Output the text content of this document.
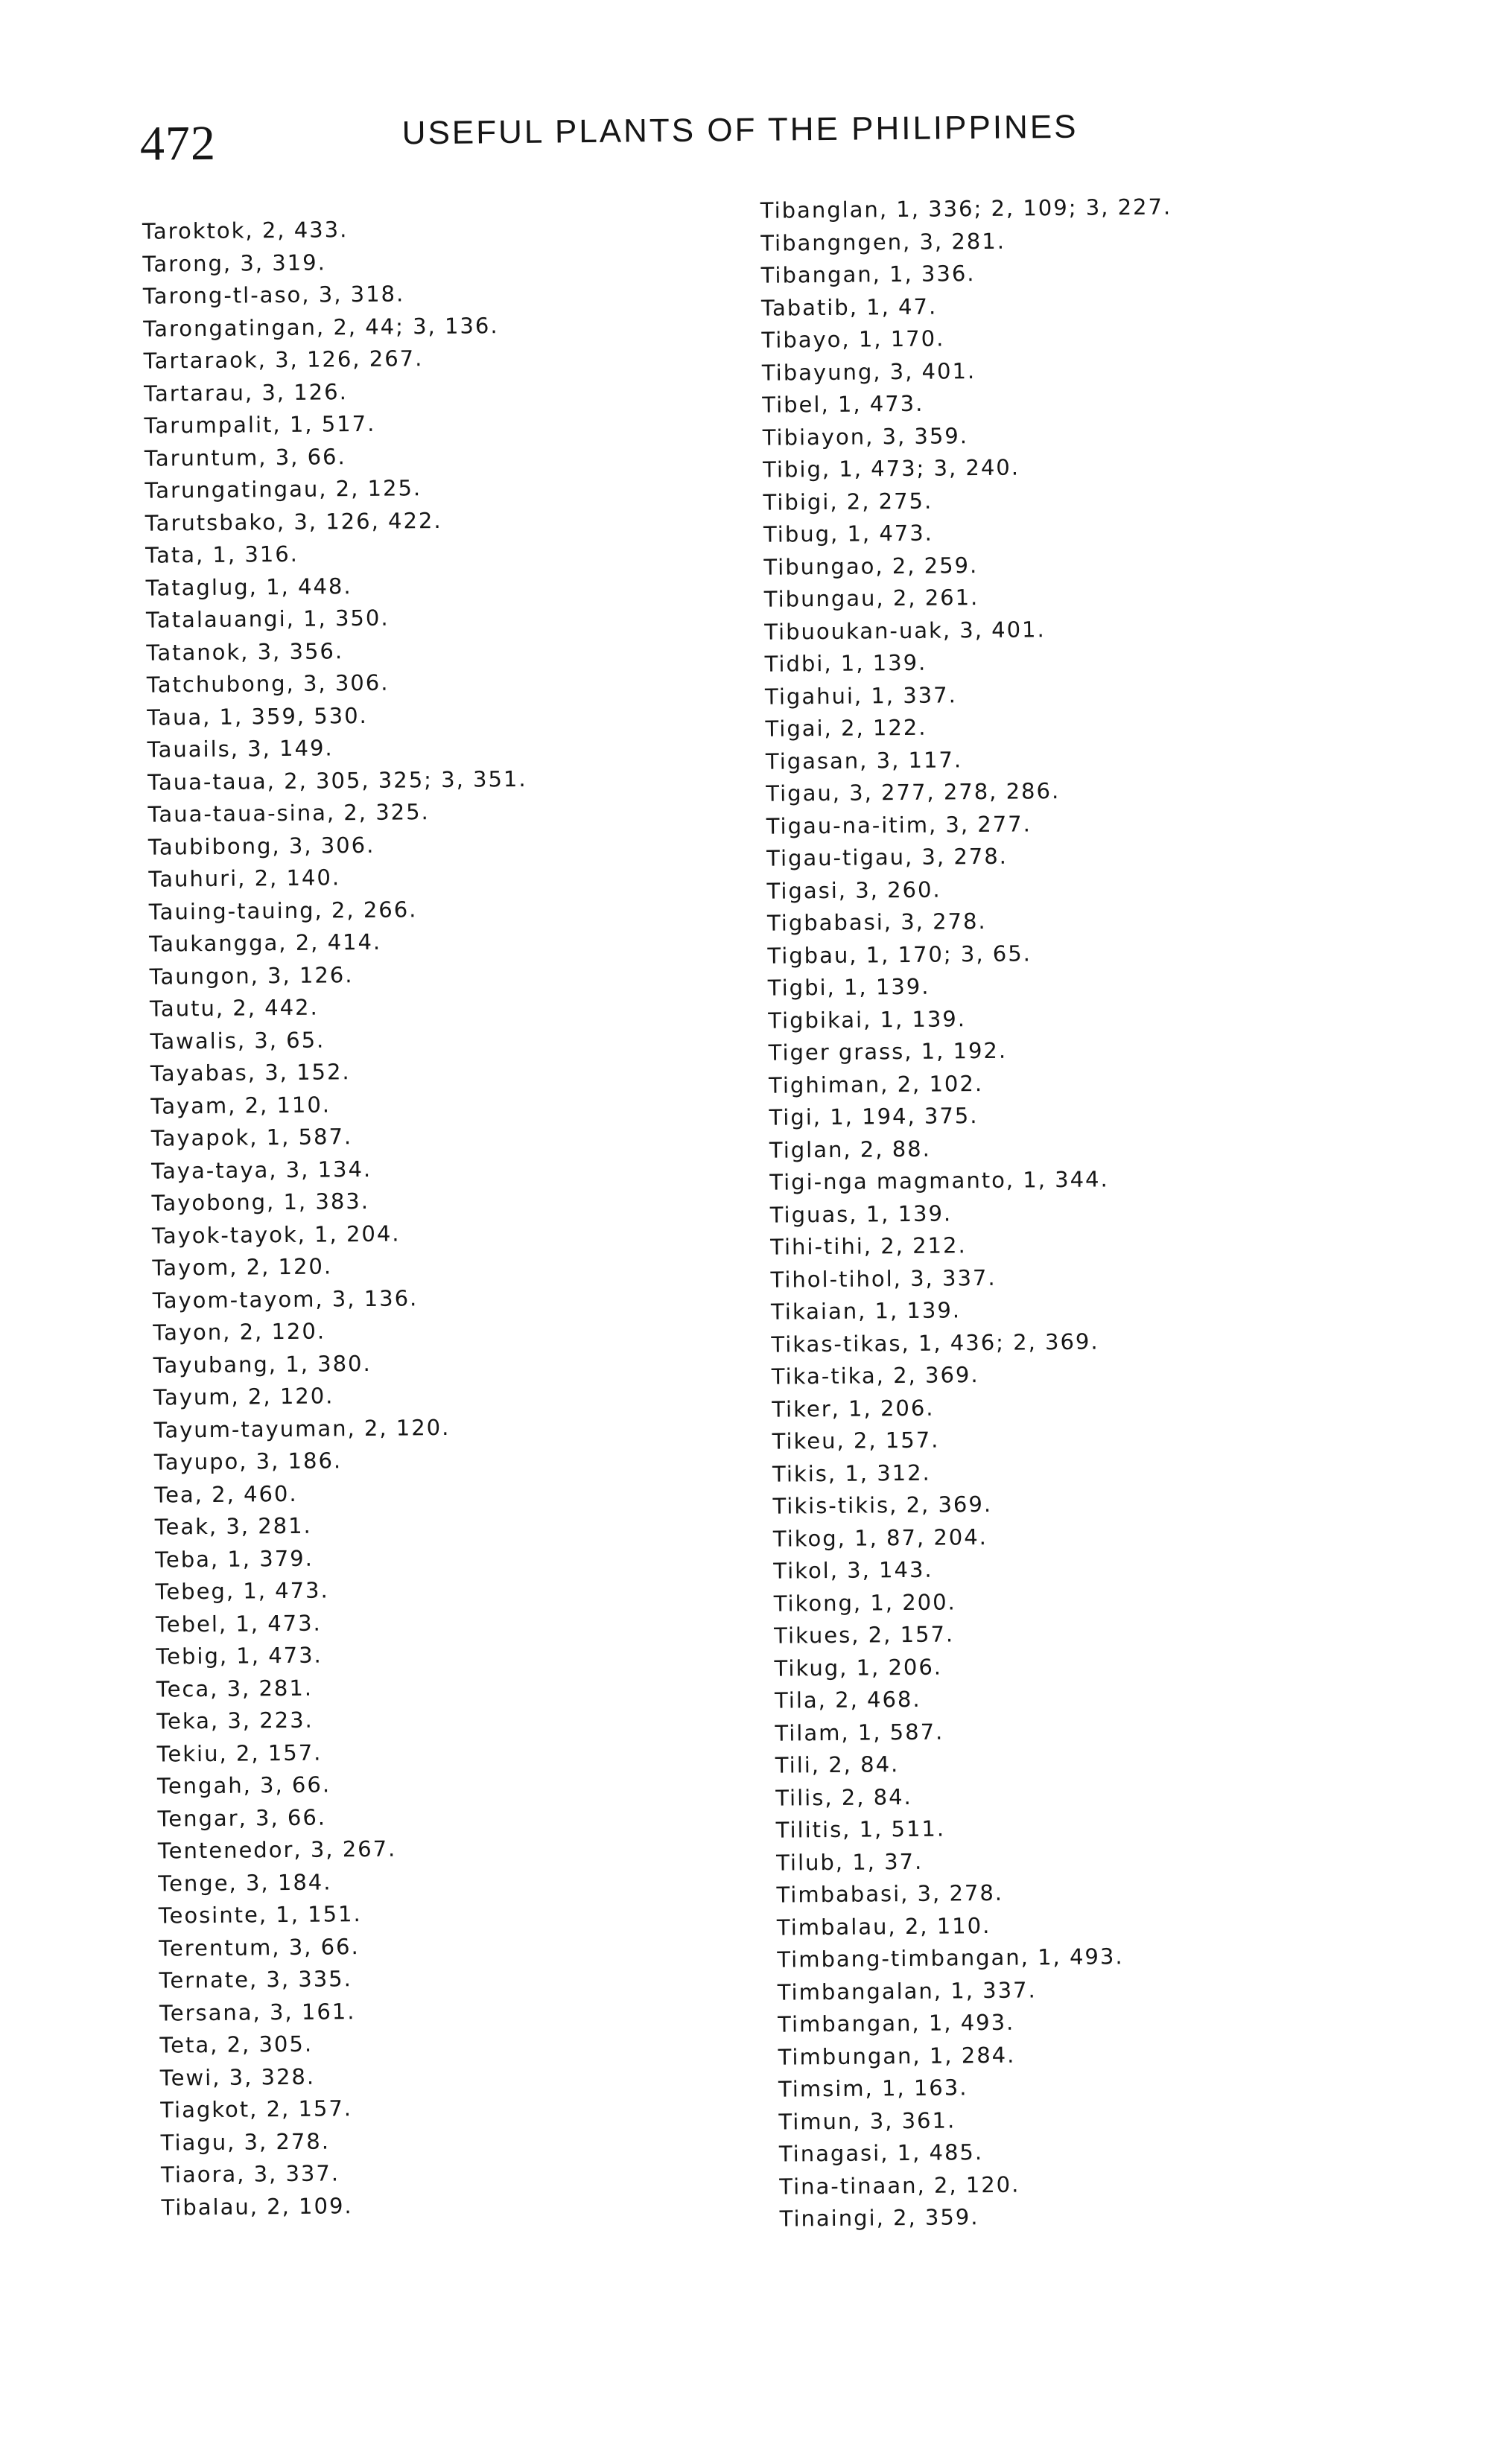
472	USEFUL PLANTS OF THE PHILIPPINES
Taroktok, 2, 433.
Tarong, 3, 319.
Tarong-tl-aso, 3, 318.
Tarongatingan, 2, 44; 3, 136.
Tartaraok, 3, 126, 267.
Tartarau, 3, 126.
Tarumpalit, 1, 517.
Taruntum, 3, 66.
Tarungatingau, 2, 125.
Tarutsbako, 3, 126, 422.
Tata, 1, 316.
Tataglug, 1, 448.
Tatalauangi, 1, 350.
Tatanok, 3, 356.
Tatchubong, 3, 306.
Taua, 1, 359, 530.
Tauails, 3, 149.
Taua-taua, 2, 305, 325; 3, 351.
Taua-taua-sina, 2, 325.
Taubibong, 3, 306.
Tauhuri, 2, 140.
Tauing-tauing, 2, 266.
Taukangga, 2, 414.
Taungon, 3, 126.
Tautu, 2, 442.
Tawalis, 3, 65.
Tayabas, 3, 152.
Tayam, 2, 110.
Tayapok, 1, 587.
Taya-taya, 3, 134.
Tayobong, 1, 383.
Tayok-tayok, 1, 204.
Tayom, 2, 120.
Tayom-tayom, 3, 136.
Tayon, 2, 120.
Tayubang, 1, 380.
Tayum, 2, 120.
Tayum-tayuman, 2, 120.
Tayupo, 3, 186.
Tea, 2, 460.
Teak, 3, 281.
Teba, 1, 379.
Tebeg, 1, 473.
Tebel, 1, 473.
Tebig, 1, 473.
Teca, 3, 281.
Teka, 3, 223.
Tekiu, 2, 157.
Tengah, 3, 66.
Tengar, 3, 66.
Tentenedor, 3, 267.
Tenge, 3, 184.
Teosinte, 1, 151.
Terentum, 3, 66.
Ternate, 3, 335.
Tersana, 3, 161.
Teta, 2, 305.
Tewi, 3, 328.
Tiagkot, 2, 157.
Tiagu, 3, 278.
Tiaora, 3, 337.
Tibalau, 2, 109.
Tibanglan, 1, 336; 2, 109; 3, 227.
Tibangngen, 3, 281.
Tibangan, 1, 336.
Tabatib, 1, 47.
Tibayo, 1, 170.
Tibayung, 3, 401.
Tibel, 1, 473.
Tibiayon, 3, 359.
Tibig, 1, 473; 3, 240.
Tibigi, 2, 275.
Tibug, 1, 473.
Tibungao, 2, 259.
Tibungau, 2, 261.
Tibuoukan-uak, 3, 401.
Tidbi, 1, 139.
Tigahui, 1, 337.
Tigai, 2, 122.
Tigasan, 3, 117.
Tigau, 3, 277, 278, 286.
Tigau-na-itim, 3, 277.
Tigau-tigau, 3, 278.
Tigasi, 3, 260.
Tigbabasi, 3, 278.
Tigbau, 1, 170; 3, 65.
Tigbi, 1, 139.
Tigbikai, 1, 139.
Tiger grass, 1, 192.
Tighiman, 2, 102.
Tigi, 1, 194, 375.
Tiglan, 2, 88.
Tigi-nga magmanto, 1, 344.
Tiguas, 1, 139.
Tihi-tihi, 2, 212.
Tihol-tihol, 3, 337.
Tikaian, 1, 139.
Tikas-tikas, 1, 436; 2, 369.
Tika-tika, 2, 369.
Tiker, 1, 206.
Tikeu, 2, 157.
Tikis, 1, 312.
Tikis-tikis, 2, 369.
Tikog, 1, 87, 204.
Tikol, 3, 143.
Tikong, 1, 200.
Tikues, 2, 157.
Tikug, 1, 206.
Tila, 2, 468.
Tilam, 1, 587.
Tili, 2, 84.
Tilis, 2, 84.
Tilitis, 1, 511.
Tilub, 1, 37.
Timbabasi, 3, 278.
Timbalau, 2, 110.
Timbang-timbangan, 1, 493.
Timbangalan, 1, 337.
Timbangan, 1, 493.
Timbungan, 1, 284.
Timsim, 1, 163.
Timun, 3, 361.
Tinagasi, 1, 485.
Tina-tinaan, 2, 120.
Tinaingi, 2, 359.
